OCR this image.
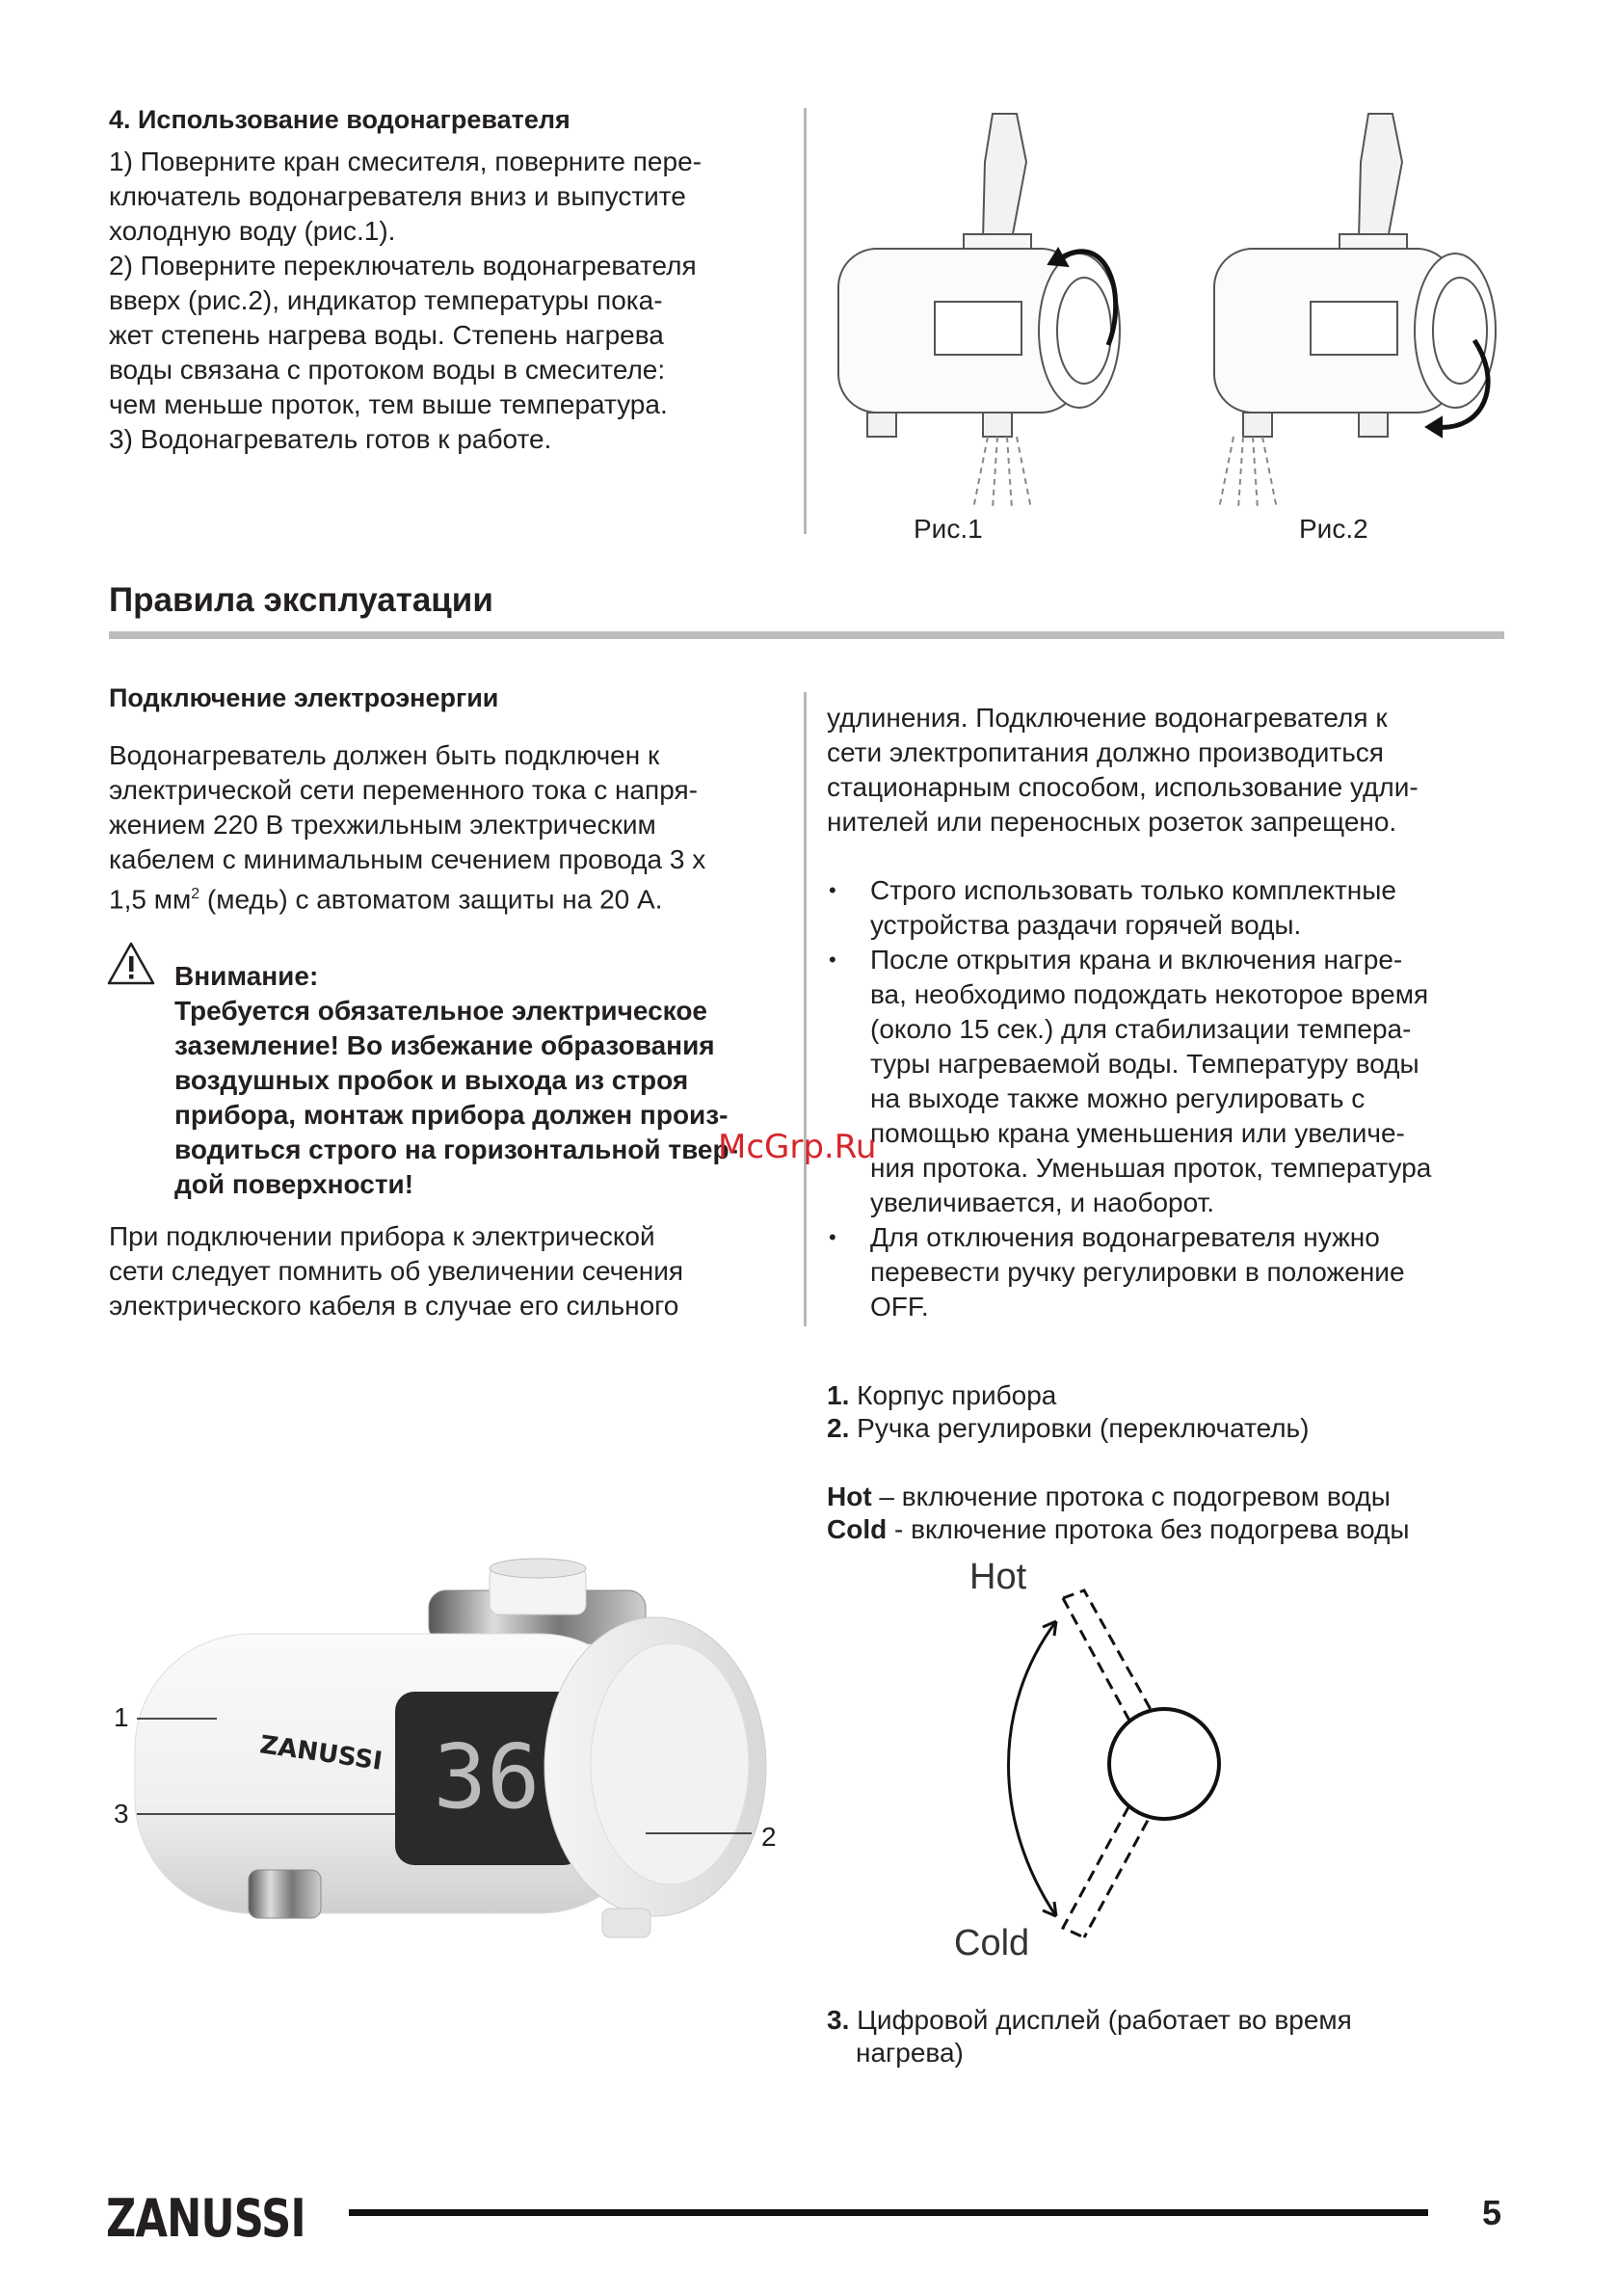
4. Использование водонагревателя

1) Поверните кран смесителя, поверните пере-

ключатель водонагревателя вниз и выпустите

холодную воду (рис.1).

2) Поверните переключатель водонагревателя

вверх (рис.2), индикатор температуры пока-

жет степень нагрева воды. Степень нагрева

воды связана с протоком воды в смесителе:

чем меньше проток, тем выше температура.

3) Водонагреватель готов к работе.

Рис.1	Рис.2
Правила эксплуатации
Подключение электроэнергии

Водонагреватель должен быть подключен к

электрической сети переменного тока с напря-

жением 220 В трехжильным электрическим

кабелем с минимальным сечением провода 3 х

1,5 $мм^2$ (медь) с автоматом защиты на 20 А.

Внимание:
Требуется обязательное электрическое
заземление! Во избежание образования
воздушных пробок и выхода из строя
прибора, монтаж прибора должен произ-
водиться строго на горизонтальной твер-
дой поверхности!

При подключении прибора к электрической

сети следует помнить об увеличении сечения

электрического кабеля в случае его сильного

удлинения. Подключение водонагревателя к

сети электропитания должно производиться

стационарным способом, использование удли-

нителей или переносных розеток запрещено.

• Строго использовать только комплектные
устройства раздачи горячей воды.
• После открытия крана и включения нагре-
ва, необходимо подождать некоторое время
(около 15 сек.) для стабилизации темпера-
туры нагреваемой воды. Температуру воды
на выходе также можно регулировать с
помощью крана уменьшения или увеличе-
ния протока. Уменьшая проток, температура
увеличивается, и наоборот.
• Для отключения водонагревателя нужно
перевести ручку регулировки в положение
OFF.
McGrp.Ru
1. Корпус прибора
2. Ручка регулировки (переключатель)
Hot – включение протока с подогревом воды
Cold - включение протока без подогрева воды
Hot
Cold
3. Цифровой дисплей (работает во время
нагрева)
36
ZANUSSI
1
3
2
ZANUSSI	5
